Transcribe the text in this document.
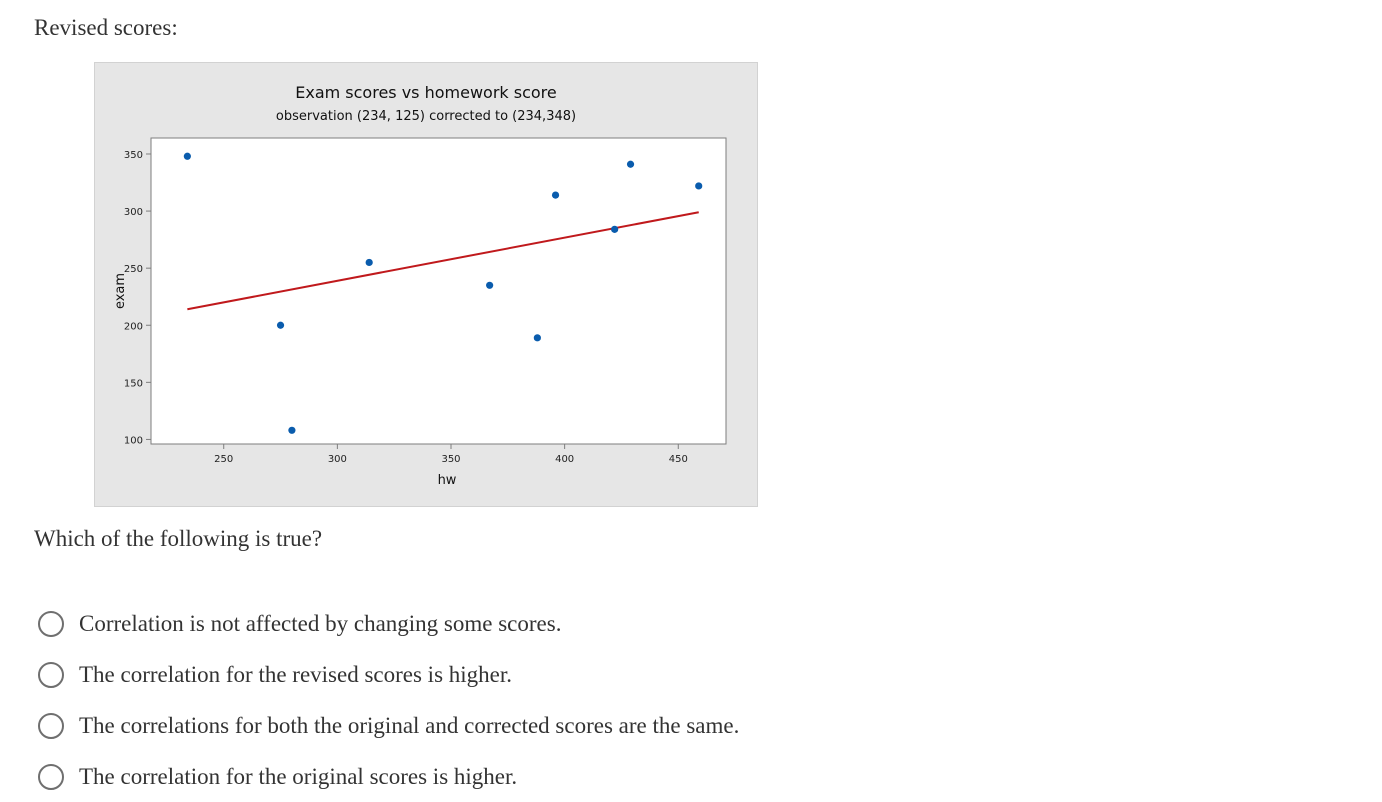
Revised scores:
Exam scores vs homework score
observation (234, 125) corrected to (234,348)
250	300	350	400	450
100
150
200
250
300
350
hw
exam
Which of the following is true?
Correlation is not affected by changing some scores.
The correlation for the revised scores is higher.
The correlations for both the original and corrected scores are the same.
The correlation for the original scores is higher.
